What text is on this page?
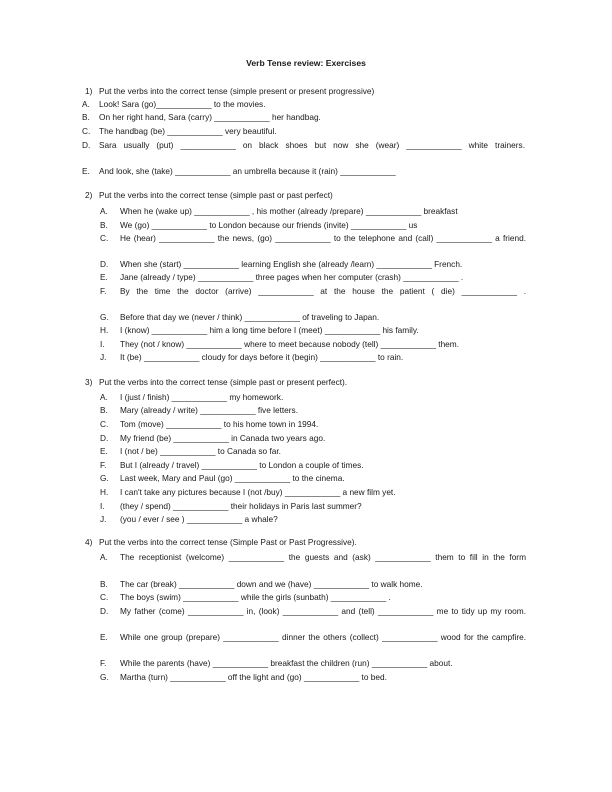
Verb Tense review: Exercises
1) Put the verbs into the correct tense (simple present or present progressive)
A. Look! Sara (go)____________ to the movies.
B. On her right hand, Sara (carry) ____________ her handbag.
C. The handbag (be) ____________ very beautiful.
D. Sara usually (put) ____________ on black shoes but now she (wear) ____________ white trainers.
E. And look, she (take) ____________ an umbrella because it (rain) ____________
2) Put the verbs into the correct tense (simple past or past perfect)
A. When he (wake up) ____________ , his mother (already /prepare) ____________ breakfast
B. We (go) ____________ to London because our friends (invite) ____________ us
C. He (hear) ____________ the news, (go) ____________ to the telephone and (call) ____________ a friend.
D. When she (start) ____________ learning English she (already /learn) ____________ French.
E. Jane (already / type) ____________ three pages when her computer (crash) ____________ .
F. By the time the doctor (arrive) ____________ at the house the patient ( die) ____________ .
G. Before that day we (never / think) ____________ of traveling to Japan.
H. I (know) ____________ him a long time before I (meet) ____________ his family.
I. They (not / know) ____________ where to meet because nobody (tell) ____________ them.
J. It (be) ____________ cloudy for days before it (begin) ____________ to rain.
3) Put the verbs into the correct tense (simple past or present perfect).
A. I (just / finish) ____________ my homework.
B. Mary (already / write) ____________ five letters.
C. Tom (move) ____________ to his home town in 1994.
D. My friend (be) ____________ in Canada two years ago.
E. I (not / be) ____________ to Canada so far.
F. But I (already / travel) ____________ to London a couple of times.
G. Last week, Mary and Paul (go) ____________ to the cinema.
H. I can't take any pictures because I (not /buy) ____________ a new film yet.
I. (they / spend) ____________ their holidays in Paris last summer?
J. (you / ever / see ) ____________ a whale?
4) Put the verbs into the correct tense (Simple Past or Past Progressive).
A. The receptionist (welcome) ____________ the guests and (ask) ____________ them to fill in the form
B. The car (break) ____________ down and we (have) ____________ to walk home.
C. The boys (swim) ____________ while the girls (sunbath) ____________ .
D. My father (come) ____________ in, (look) ____________ and (tell) ____________ me to tidy up my room.
E. While one group (prepare) ____________ dinner the others (collect) ____________ wood for the campfire.
F. While the parents (have) ____________ breakfast the children (run) ____________ about.
G. Martha (turn) ____________ off the light and (go) ____________ to bed.
